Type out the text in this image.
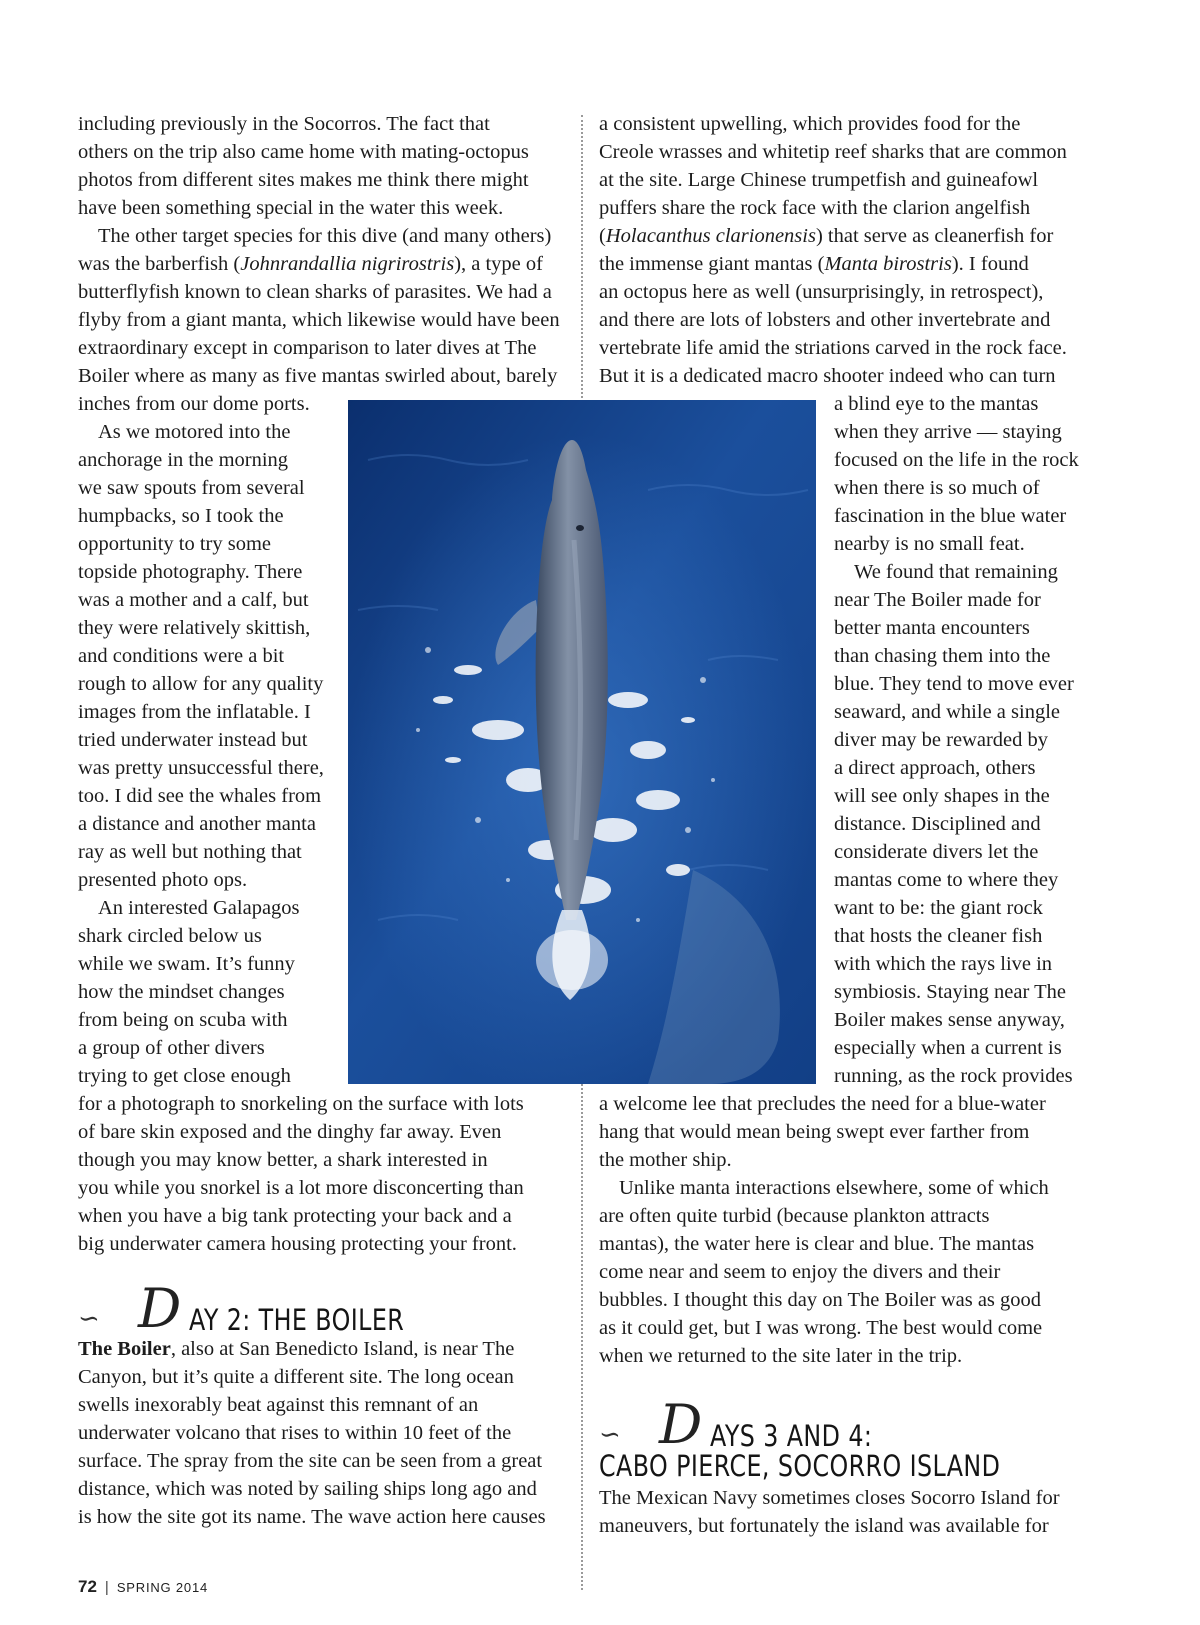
including previously in the Socorros. The fact that

others on the trip also came home with mating-octopus

photos from different sites makes me think there might

have been something special in the water this week.

The other target species for this dive (and many others)

was the barberfish (Johnrandallia nigrirostris), a type of

butterflyfish known to clean sharks of parasites. We had a

flyby from a giant manta, which likewise would have been

extraordinary except in comparison to later dives at The

Boiler where as many as five mantas swirled about, barely

inches from our dome ports.

As we motored into the

anchorage in the morning

we saw spouts from several

humpbacks, so I took the

opportunity to try some

topside photography. There

was a mother and a calf, but

they were relatively skittish,

and conditions were a bit

rough to allow for any quality

images from the inflatable. I

tried underwater instead but

was pretty unsuccessful there,

too. I did see the whales from

a distance and another manta

ray as well but nothing that

presented photo ops.

An interested Galapagos

shark circled below us

while we swam. It’s funny

how the mindset changes

from being on scuba with

a group of other divers

trying to get close enough

for a photograph to snorkeling on the surface with lots

of bare skin exposed and the dinghy far away. Even

though you may know better, a shark interested in

you while you snorkel is a lot more disconcerting than

when you have a big tank protecting your back and a

big underwater camera housing protecting your front.

∽ D AY 2: THE BOILER

The Boiler, also at San Benedicto Island, is near The

Canyon, but it’s quite a different site. The long ocean

swells inexorably beat against this remnant of an

underwater volcano that rises to within 10 feet of the

surface. The spray from the site can be seen from a great

distance, which was noted by sailing ships long ago and

is how the site got its name. The wave action here causes

a consistent upwelling, which provides food for the

Creole wrasses and whitetip reef sharks that are common

at the site. Large Chinese trumpetfish and guineafowl

puffers share the rock face with the clarion angelfish

(Holacanthus clarionensis) that serve as cleanerfish for

the immense giant mantas (Manta birostris). I found

an octopus here as well (unsurprisingly, in retrospect),

and there are lots of lobsters and other invertebrate and

vertebrate life amid the striations carved in the rock face.

But it is a dedicated macro shooter indeed who can turn

a blind eye to the mantas

when they arrive — staying

focused on the life in the rock

when there is so much of

fascination in the blue water

nearby is no small feat.

We found that remaining

near The Boiler made for

better manta encounters

than chasing them into the

blue. They tend to move ever

seaward, and while a single

diver may be rewarded by

a direct approach, others

will see only shapes in the

distance. Disciplined and

considerate divers let the

mantas come to where they

want to be: the giant rock

that hosts the cleaner fish

with which the rays live in

symbiosis. Staying near The

Boiler makes sense anyway,

especially when a current is

running, as the rock provides

a welcome lee that precludes the need for a blue-water

hang that would mean being swept ever farther from

the mother ship.

Unlike manta interactions elsewhere, some of which

are often quite turbid (because plankton attracts

mantas), the water here is clear and blue. The mantas

come near and seem to enjoy the divers and their

bubbles. I thought this day on The Boiler was as good

as it could get, but I was wrong. The best would come

when we returned to the site later in the trip.

∽ D AYS 3 AND 4:
CABO PIERCE, SOCORRO ISLAND

The Mexican Navy sometimes closes Socorro Island for

maneuvers, but fortunately the island was available for

72 | SPRING 2014
